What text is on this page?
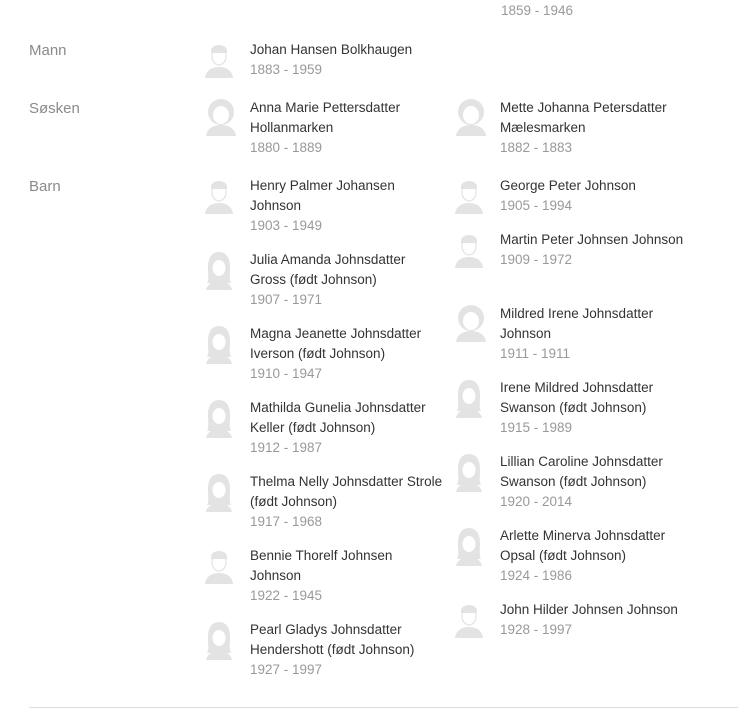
1859 - 1946
Mann
Søsken
Barn
Johan Hansen Bolkhaugen
1883 - 1959
Anna Marie Pettersdatter Hollanmarken
1880 - 1889
Mette Johanna Petersdatter Mælesmarken
1882 - 1883
Henry Palmer Johansen Johnson
1903 - 1949
Julia Amanda Johnsdatter Gross (født Johnson)
1907 - 1971
Magna Jeanette Johnsdatter Iverson (født Johnson)
1910 - 1947
Mathilda Gunelia Johnsdatter Keller (født Johnson)
1912 - 1987
Thelma Nelly Johnsdatter Strole (født Johnson)
1917 - 1968
Bennie Thorelf Johnsen Johnson
1922 - 1945
Pearl Gladys Johnsdatter Hendershott (født Johnson)
1927 - 1997
George Peter Johnson
1905 - 1994
Martin Peter Johnsen Johnson
1909 - 1972
Mildred Irene Johnsdatter Johnson
1911 - 1911
Irene Mildred Johnsdatter Swanson (født Johnson)
1915 - 1989
Lillian Caroline Johnsdatter Swanson (født Johnson)
1920 - 2014
Arlette Minerva Johnsdatter Opsal (født Johnson)
1924 - 1986
John Hilder Johnsen Johnson
1928 - 1997
